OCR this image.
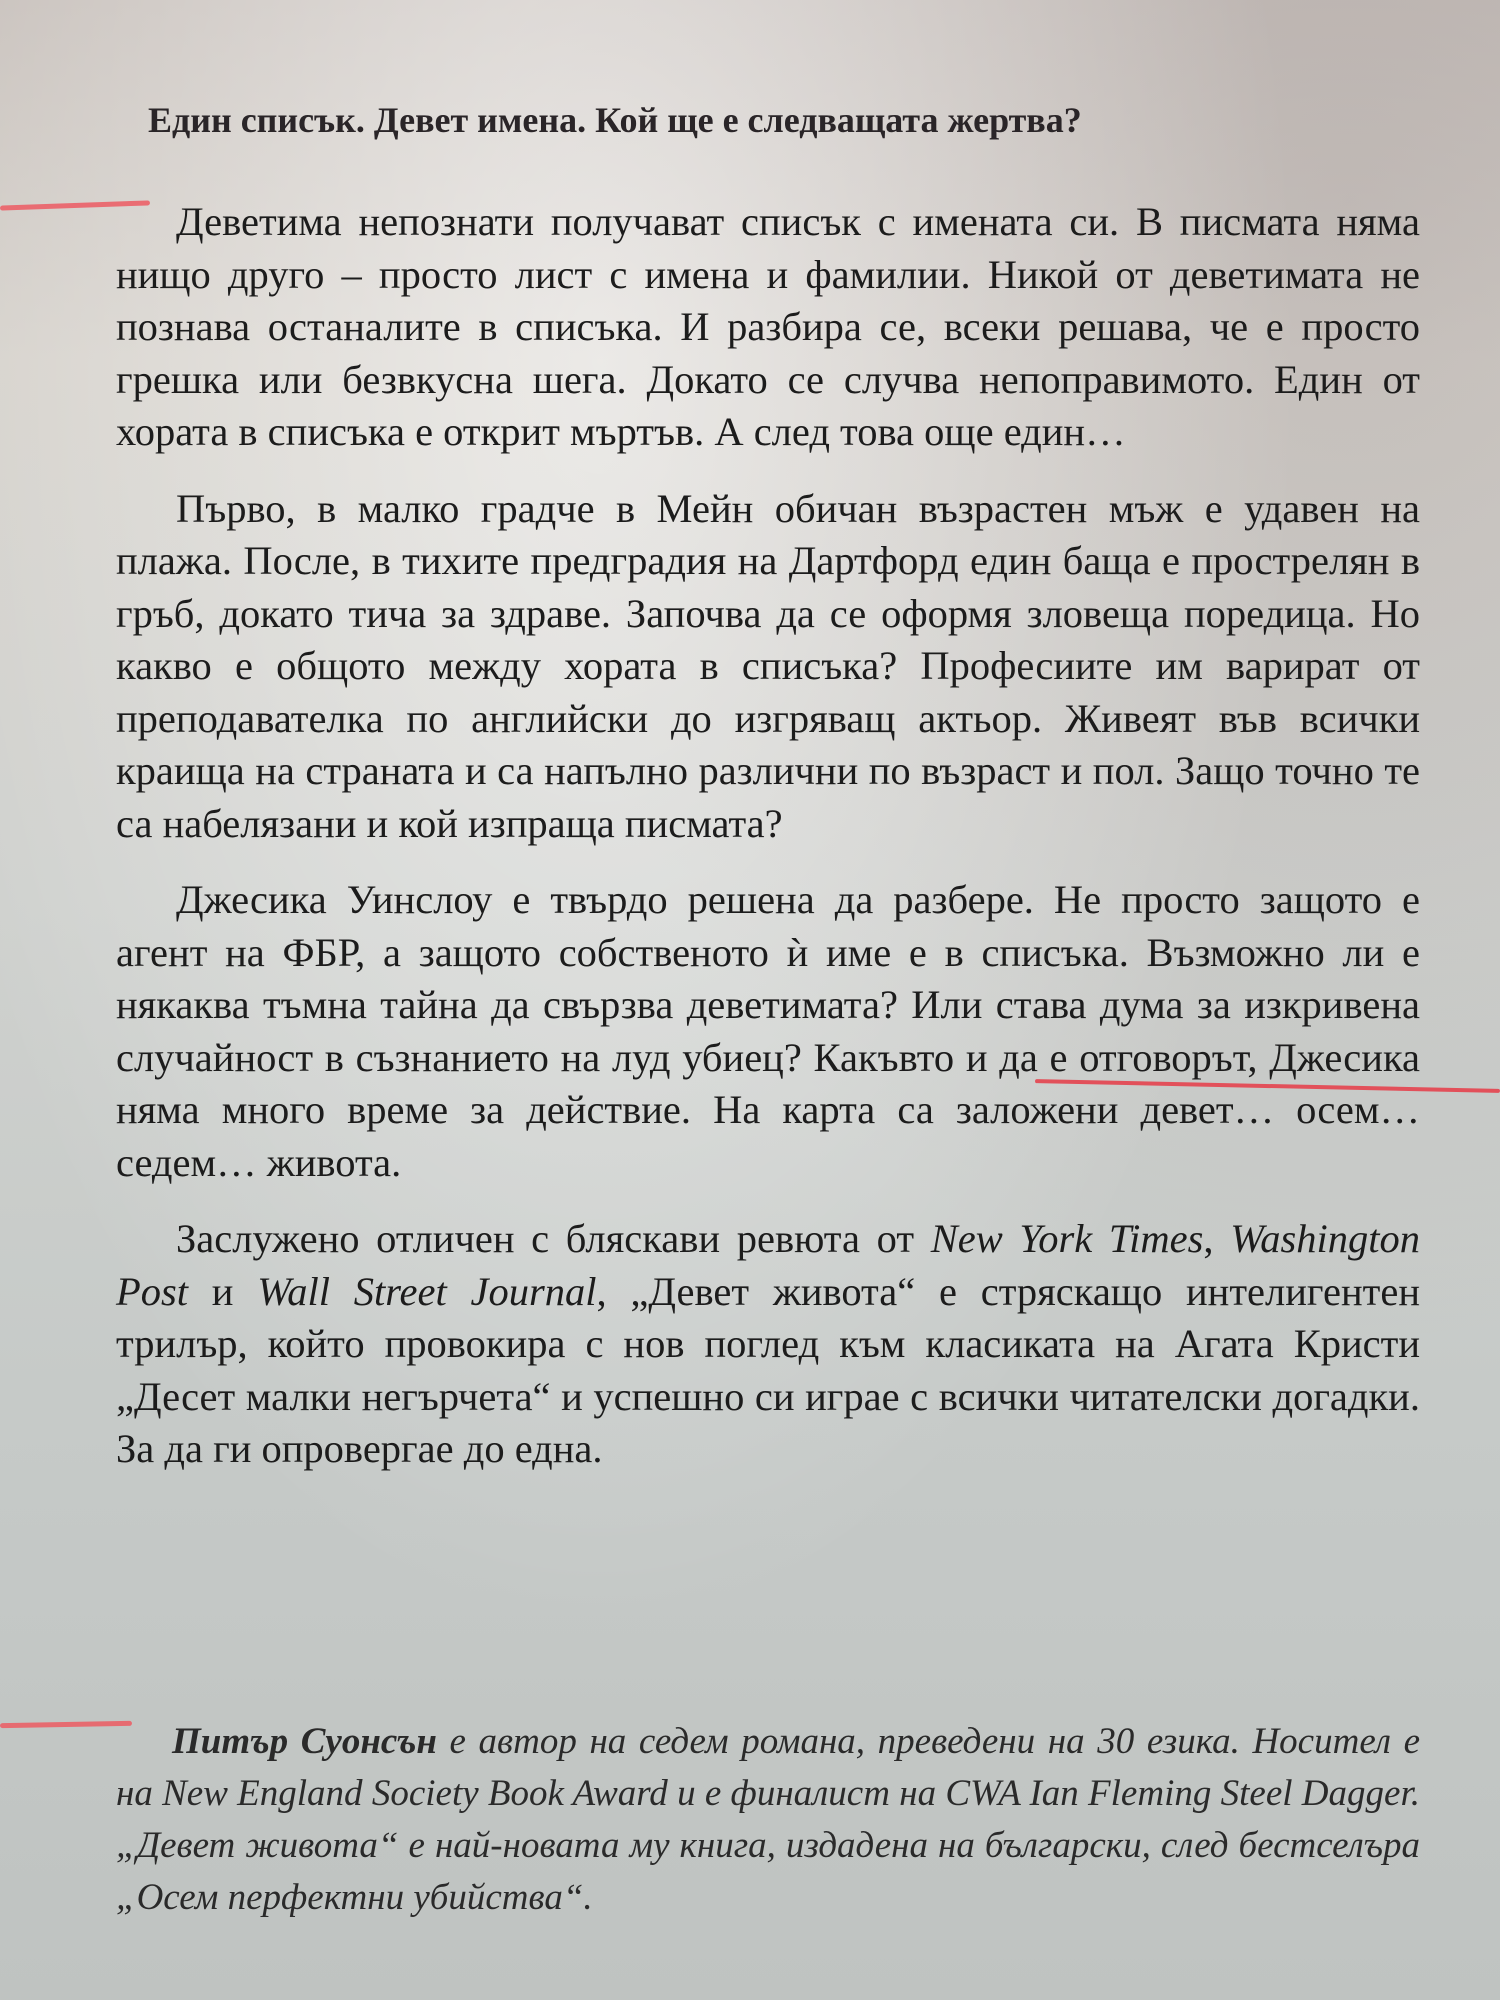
Един списък. Девет имена. Кой ще е следващата жертва?

Деветима непознати получават списък с имената си. В писмата няма нищо друго – просто лист с имена и фамилии. Никой от деветимата не познава останалите в списъка. И разбира се, всеки решава, че е просто грешка или безвкусна шега. Докато се случва непоправимото. Един от хората в списъка е открит мъртъв. А след това още един…

Първо, в малко градче в Мейн обичан възрастен мъж е удавен на плажа. После, в тихите предградия на Дартфорд един баща е прострелян в гръб, докато тича за здраве. Започва да се оформя зловеща поредица. Но какво е общото между хората в списъка? Професиите им варират от преподавателка по английски до изгряващ актьор. Живеят във всички краища на страната и са напълно различни по възраст и пол. Защо точно те са набелязани и кой изпраща писмата?

Джесика Уинслоу е твърдо решена да разбере. Не просто защото е агент на ФБР, а защото собственото ѝ име е в списъка. Възможно ли е някаква тъмна тайна да свързва деветимата? Или става дума за изкривена случайност в съзнанието на луд убиец? Какъвто и да е отговорът, Джесика няма много време за действие. На карта са заложени девет… осем… седем… живота.

Заслужено отличен с бляскави ревюта от New York Times, Washington Post и Wall Street Journal, „Девет живота“ е стряскащо интелигентен трилър, който провокира с нов поглед към класиката на Агата Кристи „Десет малки негърчета“ и успешно си играе с всички читателски догадки. За да ги опровергае до една.

Питър Суонсън е автор на седем романа, преведени на 30 езика. Носител е на New England Society Book Award и е финалист на CWA Ian Fleming Steel Dagger. „Девет живота“ е най-новата му книга, издадена на български, след бестселъра „Осем перфектни убийства“.
